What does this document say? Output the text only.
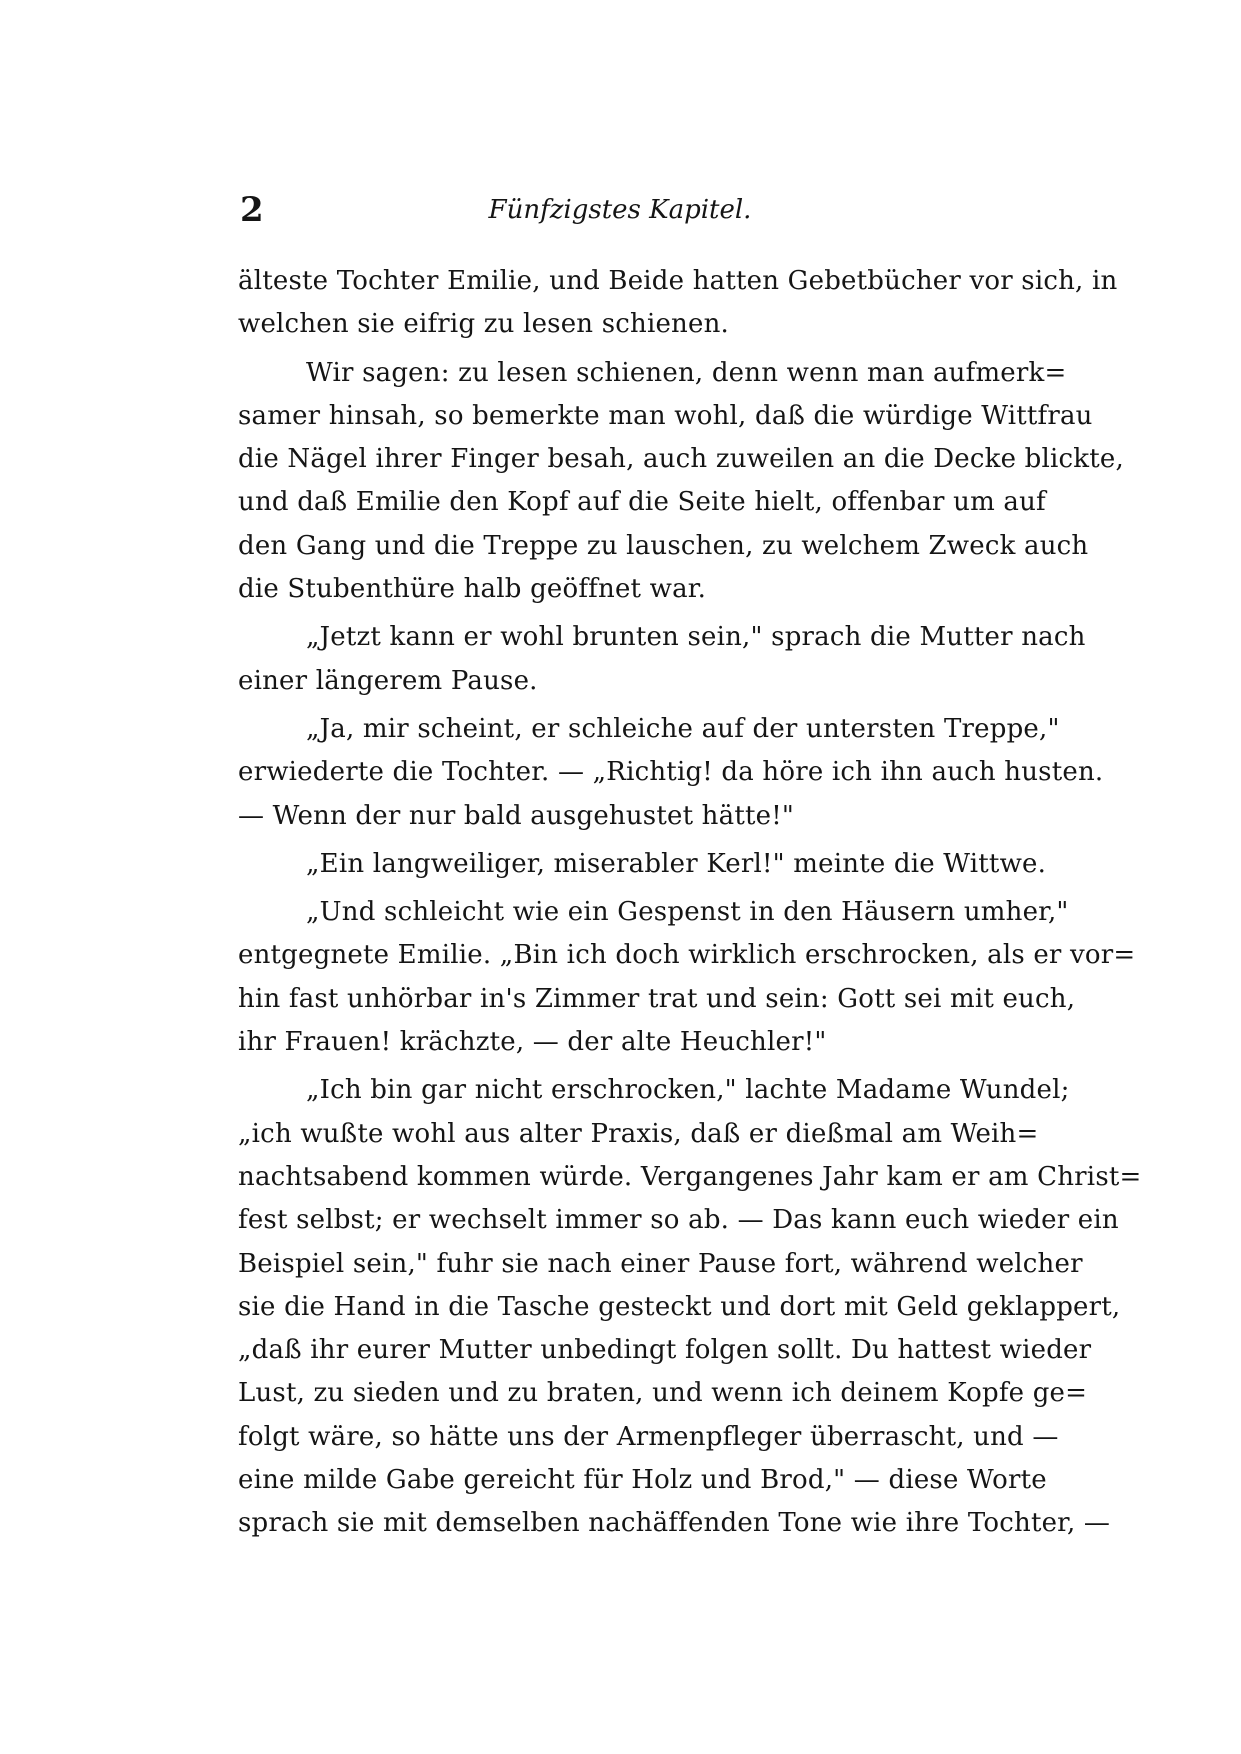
2	Fünfzigstes Kapitel.

älteste Tochter Emilie, und Beide hatten Gebetbücher vor sich, in
welchen sie eifrig zu lesen schienen.

Wir sagen: zu lesen schienen, denn wenn man aufmerk=
samer hinsah, so bemerkte man wohl, daß die würdige Wittfrau
die Nägel ihrer Finger besah, auch zuweilen an die Decke blickte,
und daß Emilie den Kopf auf die Seite hielt, offenbar um auf
den Gang und die Treppe zu lauschen, zu welchem Zweck auch
die Stubenthüre halb geöffnet war.

„Jetzt kann er wohl brunten sein," sprach die Mutter nach
einer längerem Pause.

„Ja, mir scheint, er schleiche auf der untersten Treppe,"
erwiederte die Tochter. — „Richtig! da höre ich ihn auch husten.
— Wenn der nur bald ausgehustet hätte!"

„Ein langweiliger, miserabler Kerl!" meinte die Wittwe.

„Und schleicht wie ein Gespenst in den Häusern umher,"
entgegnete Emilie. „Bin ich doch wirklich erschrocken, als er vor=
hin fast unhörbar in's Zimmer trat und sein: Gott sei mit euch,
ihr Frauen! krächzte, — der alte Heuchler!"

„Ich bin gar nicht erschrocken," lachte Madame Wundel;
„ich wußte wohl aus alter Praxis, daß er dießmal am Weih=
nachtsabend kommen würde. Vergangenes Jahr kam er am Christ=
fest selbst; er wechselt immer so ab. — Das kann euch wieder ein
Beispiel sein," fuhr sie nach einer Pause fort, während welcher
sie die Hand in die Tasche gesteckt und dort mit Geld geklappert,
„daß ihr eurer Mutter unbedingt folgen sollt. Du hattest wieder
Lust, zu sieden und zu braten, und wenn ich deinem Kopfe ge=
folgt wäre, so hätte uns der Armenpfleger überrascht, und —
eine milde Gabe gereicht für Holz und Brod," — diese Worte
sprach sie mit demselben nachäffenden Tone wie ihre Tochter, —
